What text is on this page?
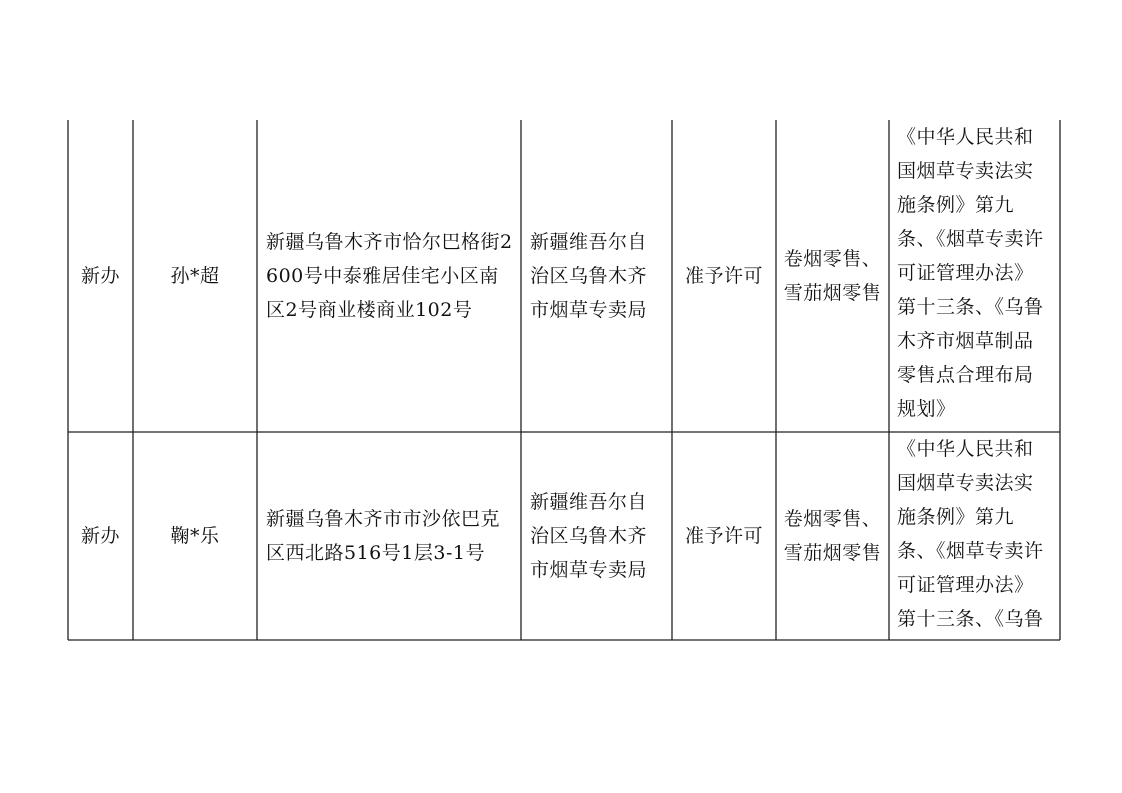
新办	孙*超
新疆乌鲁木齐市恰尔巴格街2600号中泰雅居佳宅小区南区2号商业楼商业102号
新疆维吾尔自治区乌鲁木齐市烟草专卖局
准予许可
卷烟零售、雪茄烟零售
《中华人民共和国烟草专卖法实施条例》第九条、《烟草专卖许可证管理办法》第十三条、《乌鲁木齐市烟草制品零售点合理布局规划》
新办	鞠*乐
新疆乌鲁木齐市市沙依巴克区西北路516号1层3-1号
新疆维吾尔自治区乌鲁木齐市烟草专卖局
准予许可
卷烟零售、雪茄烟零售
《中华人民共和国烟草专卖法实施条例》第九条、《烟草专卖许可证管理办法》第十三条、《乌鲁
